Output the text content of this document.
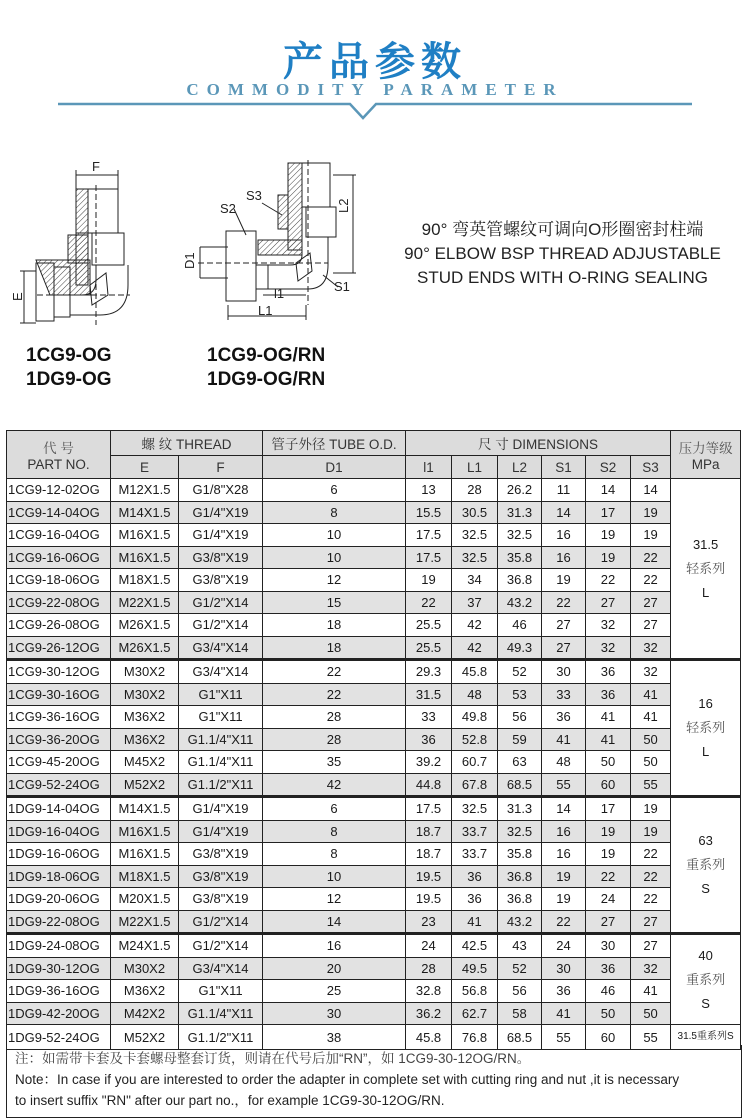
产品参数
COMMODITY PARAMETER
F
E
S3
S2	L2
D1
S1
l1
L1
1CG9-OG
1DG9-OG
1CG9-OG/RN
1DG9-OG/RN
90° 弯英管螺纹可调向O形圈密封柱端
90° ELBOW BSP THREAD ADJUSTABLE
STUD ENDS WITH O-RING SEALING
代 号
PART NO.
	螺 纹 THREAD	管子外径 TUBE O.D.	尺 寸 DIMENSIONS	压力等级
MPa

	E	F	D1	l1	L1	L2	S1	S2	S3	
1CG9-12-02OG	M12X1.5	G1/8"X28	6	13	28	26.2	11	14	14	31.5
轻系列
L

1CG9-14-04OG	M14X1.5	G1/4"X19	8	15.5	30.5	31.3	14	17	19	
1CG9-16-04OG	M16X1.5	G1/4"X19	10	17.5	32.5	32.5	16	19	19	
1CG9-16-06OG	M16X1.5	G3/8"X19	10	17.5	32.5	35.8	16	19	22	
1CG9-18-06OG	M18X1.5	G3/8"X19	12	19	34	36.8	19	22	22	
1CG9-22-08OG	M22X1.5	G1/2"X14	15	22	37	43.2	22	27	27	
1CG9-26-08OG	M26X1.5	G1/2"X14	18	25.5	42	46	27	32	27	
1CG9-26-12OG	M26X1.5	G3/4"X14	18	25.5	42	49.3	27	32	32	
1CG9-30-12OG	M30X2	G3/4"X14	22	29.3	45.8	52	30	36	32	16
轻系列
L

1CG9-30-16OG	M30X2	G1"X11	22	31.5	48	53	33	36	41	
1CG9-36-16OG	M36X2	G1"X11	28	33	49.8	56	36	41	41	
1CG9-36-20OG	M36X2	G1.1/4"X11	28	36	52.8	59	41	41	50	
1CG9-45-20OG	M45X2	G1.1/4"X11	35	39.2	60.7	63	48	50	50	
1CG9-52-24OG	M52X2	G1.1/2"X11	42	44.8	67.8	68.5	55	60	55	
1DG9-14-04OG	M14X1.5	G1/4"X19	6	17.5	32.5	31.3	14	17	19	63
重系列
S

1DG9-16-04OG	M16X1.5	G1/4"X19	8	18.7	33.7	32.5	16	19	19	
1DG9-16-06OG	M16X1.5	G3/8"X19	8	18.7	33.7	35.8	16	19	22	
1DG9-18-06OG	M18X1.5	G3/8"X19	10	19.5	36	36.8	19	22	22	
1DG9-20-06OG	M20X1.5	G3/8"X19	12	19.5	36	36.8	19	24	22	
1DG9-22-08OG	M22X1.5	G1/2"X14	14	23	41	43.2	22	27	27	
1DG9-24-08OG	M24X1.5	G1/2"X14	16	24	42.5	43	24	30	27	40
重系列
S

1DG9-30-12OG	M30X2	G3/4"X14	20	28	49.5	52	30	36	32	
1DG9-36-16OG	M36X2	G1"X11	25	32.8	56.8	56	36	46	41	
1DG9-42-20OG	M42X2	G1.1/4"X11	30	36.2	62.7	58	41	50	50	
1DG9-52-24OG	M52X2	G1.1/2"X11	38	45.8	76.8	68.5	55	60	55	31.5重系列S
注：如需带卡套及卡套螺母整套订货，则请在代号后加“RN”，如 1CG9-30-12OG/RN。
Note：In case if you are interested to order the adapter in complete set with cutting ring and nut ,it is necessary
to insert suffix "RN" after our part no.，for example 1CG9-30-12OG/RN.
